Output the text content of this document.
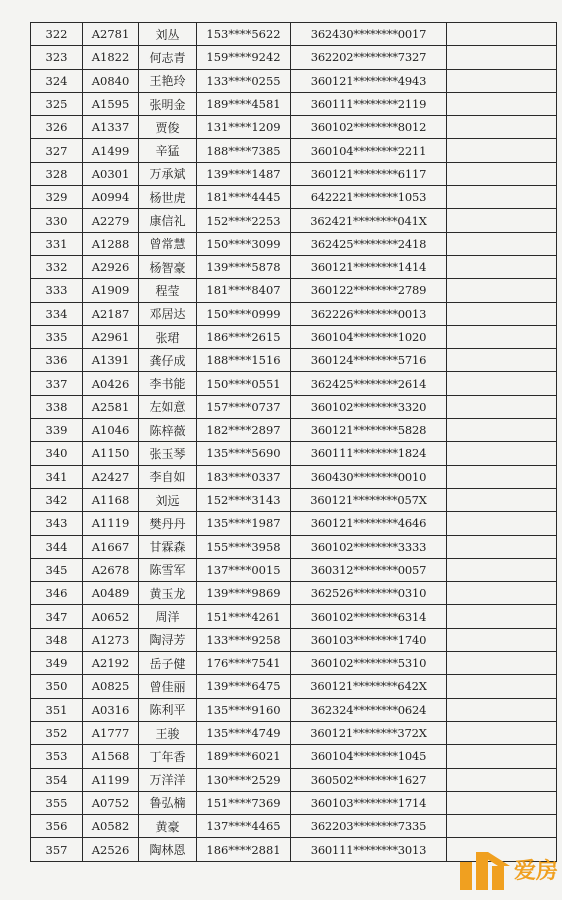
322	A2781	刘丛	153****5622	362430********0017	
323	A1822	何志青	159****9242	362202********7327	
324	A0840	王艳玲	133****0255	360121********4943	
325	A1595	张明金	189****4581	360111********2119	
326	A1337	贾俊	131****1209	360102********8012	
327	A1499	辛猛	188****7385	360104********2211	
328	A0301	万承斌	139****1487	360121********6117	
329	A0994	杨世虎	181****4445	642221********1053	
330	A2279	康信礼	152****2253	362421********041X	
331	A1288	曾常慧	150****3099	362425********2418	
332	A2926	杨智豪	139****5878	360121********1414	
333	A1909	程莹	181****8407	360122********2789	
334	A2187	邓居达	150****0999	362226********0013	
335	A2961	张珺	186****2615	360104********1020	
336	A1391	龚仔成	188****1516	360124********5716	
337	A0426	李书能	150****0551	362425********2614	
338	A2581	左如意	157****0737	360102********3320	
339	A1046	陈梓薇	182****2897	360121********5828	
340	A1150	张玉琴	135****5690	360111********1824	
341	A2427	李自如	183****0337	360430********0010	
342	A1168	刘远	152****3143	360121********057X	
343	A1119	樊丹丹	135****1987	360121********4646	
344	A1667	甘霖森	155****3958	360102********3333	
345	A2678	陈雪军	137****0015	360312********0057	
346	A0489	黄玉龙	139****9869	362526********0310	
347	A0652	周洋	151****4261	360102********6314	
348	A1273	陶浔芳	133****9258	360103********1740	
349	A2192	岳子健	176****7541	360102********5310	
350	A0825	曾佳丽	139****6475	360121********642X	
351	A0316	陈利平	135****9160	362324********0624	
352	A1777	王骏	135****4749	360121********372X	
353	A1568	丁年香	189****6021	360104********1045	
354	A1199	万洋洋	130****2529	360502********1627	
355	A0752	鲁弘楠	151****7369	360103********1714	
356	A0582	黄豪	137****4465	362203********7335	
357	A2526	陶林恩	186****2881	360111********3013	
爱房
